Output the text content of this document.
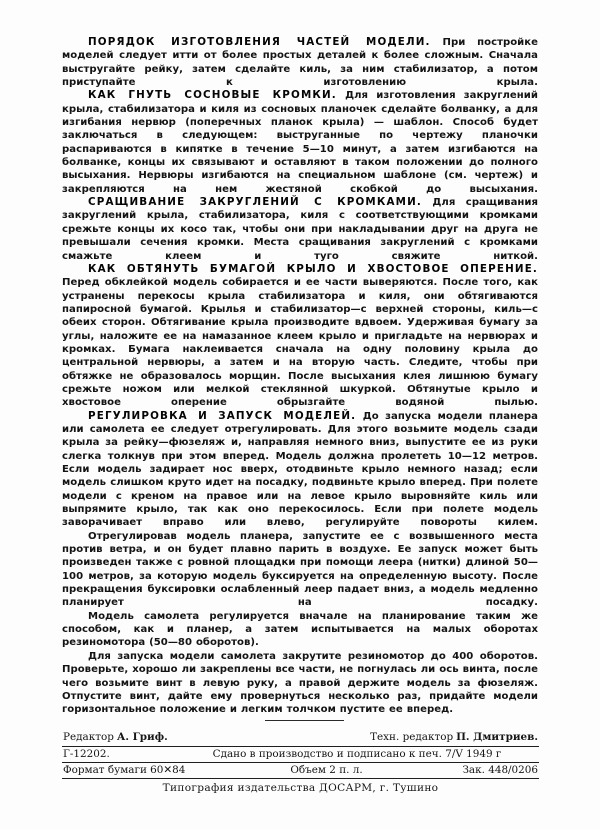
ПОРЯДОК ИЗГОТОВЛЕНИЯ ЧАСТЕЙ МОДЕЛИ. При постройке моделей следует итти от более простых деталей к более сложным. Сначала выстругайте рейку, затем сделайте киль, за ним стабилизатор, а потом приступайте к изготовлению крыла.

КАК ГНУТЬ СОСНОВЫЕ КРОМКИ. Для изготовления закруглений крыла, стабилизатора и киля из сосновых планочек сделайте болванку, а для изгибания нервюр (поперечных планок крыла) — шаблон. Способ будет заключаться в следующем: выструганные по чертежу планочки распариваются в кипятке в течение 5—10 минут, а затем изгибаются на болванке, концы их связывают и оставляют в таком положении до полного высыхания. Нервюры изгибаются на специальном шаблоне (см. чертеж) и закрепляются на нем жестяной скобкой до высыхания.

СРАЩИВАНИЕ ЗАКРУГЛЕНИЙ С КРОМКАМИ. Для сращивания закруглений крыла, стабилизатора, киля с соответствующими кромками срежьте концы их косо так, чтобы они при накладывании друг на друга не превышали сечения кромки. Места сращивания закруглений с кромками смажьте клеем и туго свяжите ниткой.

КАК ОБТЯНУТЬ БУМАГОЙ КРЫЛО И ХВОСТОВОЕ ОПЕРЕНИЕ. Перед обклейкой модель собирается и ее части выверяются. После того, как устранены перекосы крыла стабилизатора и киля, они обтягиваются папиросной бумагой. Крылья и стабилизатор—с верхней стороны, киль—с обеих сторон. Обтягивание крыла производите вдвоем. Удерживая бумагу за углы, наложите ее на намазанное клеем крыло и пригладьте на нервюрах и кромках. Бумага наклеивается сначала на одну половину крыла до центральной нервюры, а затем и на вторую часть. Следите, чтобы при обтяжке не образовалось морщин. После высыхания клея лишнюю бумагу срежьте ножом или мелкой стеклянной шкуркой. Обтянутые крыло и хвостовое оперение обрызгайте водяной пылью.

РЕГУЛИРОВКА И ЗАПУСК МОДЕЛЕЙ. До запуска модели планера или самолета ее следует отрегулировать. Для этого возьмите модель сзади крыла за рейку—фюзеляж и, направляя немного вниз, выпустите ее из руки слегка толкнув при этом вперед. Модель должна пролететь 10—12 метров. Если модель задирает нос вверх, отодвиньте крыло немного назад; если модель слишком круто идет на посадку, подвиньте крыло вперед. При полете модели с креном на правое или на левое крыло выровняйте киль или выпрямите крыло, так как оно перекосилось. Если при полете модель заворачивает вправо или влево, регулируйте повороты килем.

Отрегулировав модель планера, запустите ее с возвышенного места против ветра, и он будет плавно парить в воздухе. Ее запуск может быть произведен также с ровной площадки при помощи леера (нитки) длиной 50—100 метров, за которую модель буксируется на определенную высоту. После прекращения буксировки ослабленный леер падает вниз, а модель медленно планирует на посадку.

Модель самолета регулируется вначале на планирование таким же способом, как и планер, а затем испытывается на малых оборотах резиномотора (50—80 оборотов).

Для запуска модели самолета закрутите резиномотор до 400 оборотов. Проверьте, хорошо ли закреплены все части, не погнулась ли ось винта, после чего возьмите винт в левую руку, а правой держите модель за фюзеляж. Отпустите винт, дайте ему провернуться несколько раз, придайте модели горизонтальное положение и легким толчком пустите ее вперед.

Редактор А. Гриф.	Техн. редактор П. Дмитриев.
Г-12202.	Сдано в производство и подписано к печ. 7/V 1949 г
Формат бумаги 60✕84	Объем 2 п. л.	Зак. 448/0206
Типография издательства ДОСАРМ, г. Тушино
